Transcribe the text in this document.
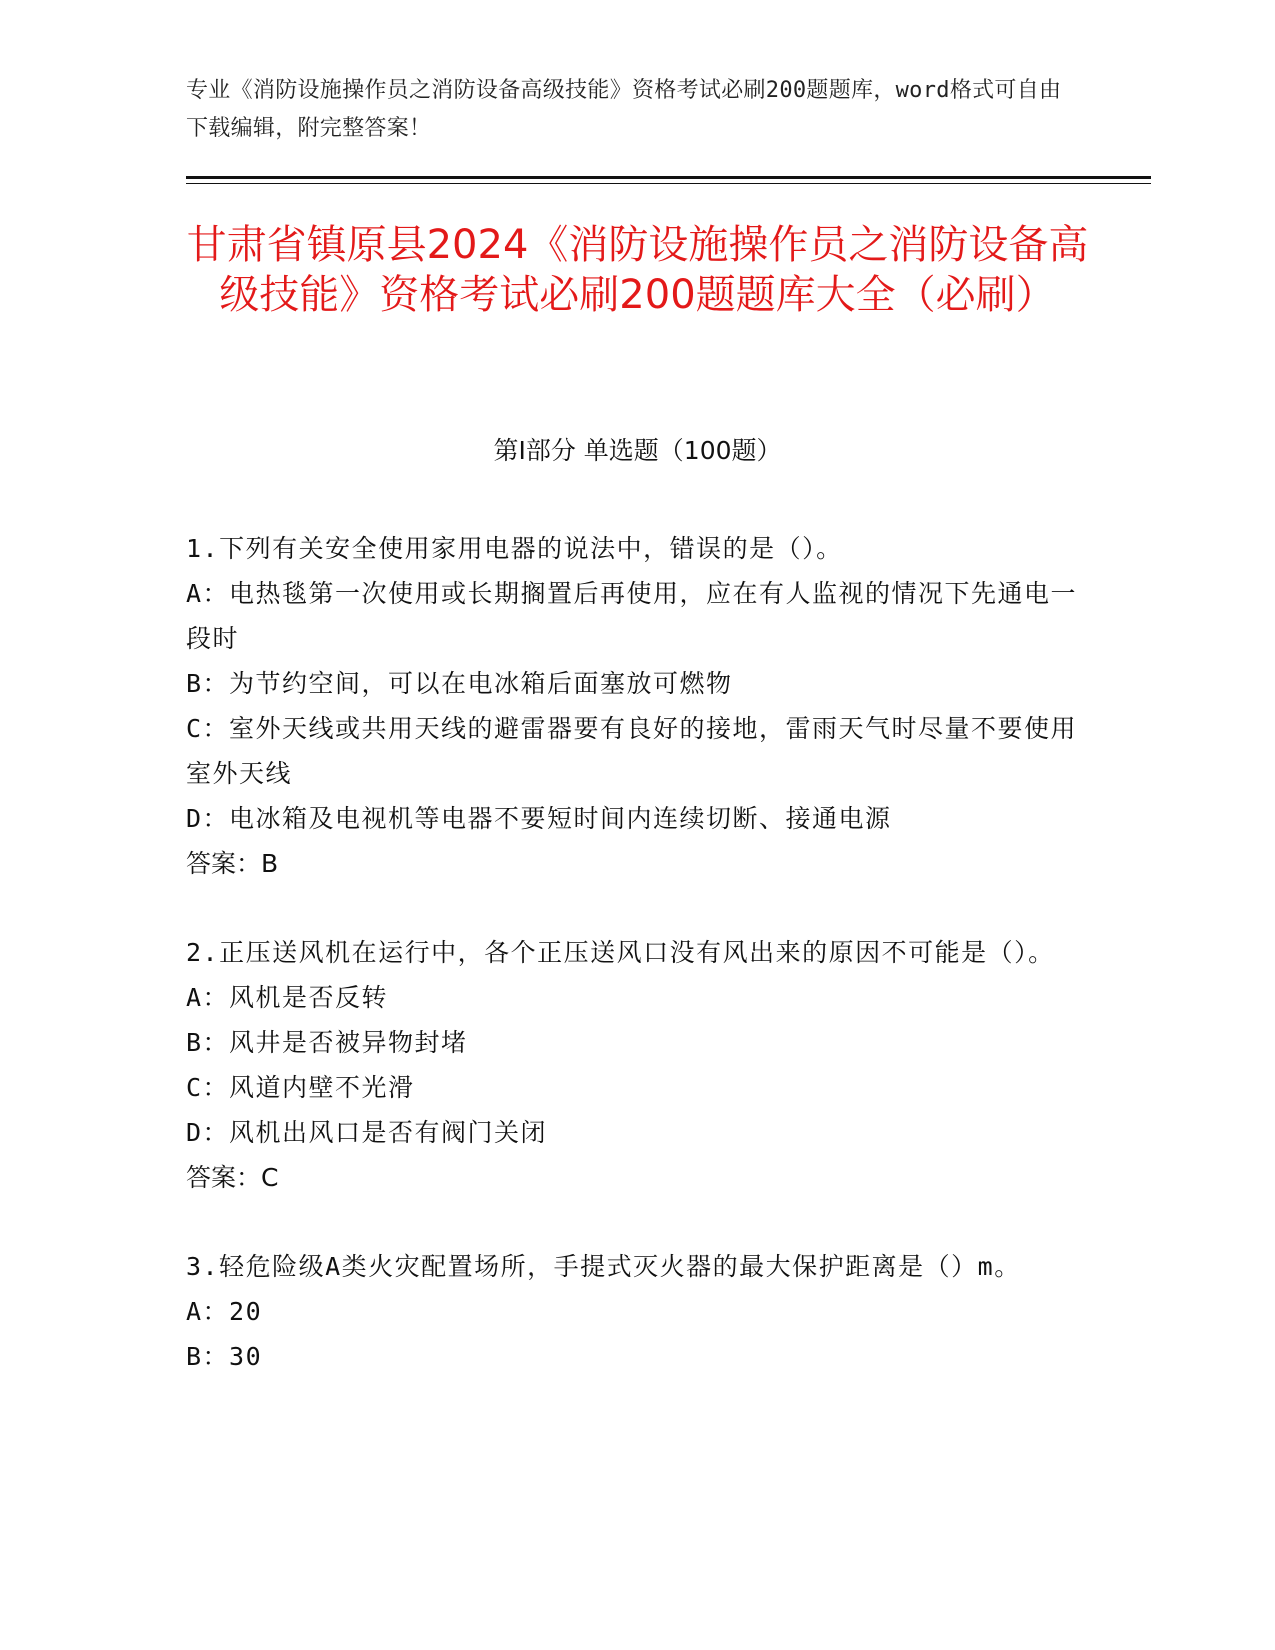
专业《消防设施操作员之消防设备高级技能》资格考试必刷200题题库，word格式可自由下载编辑，附完整答案！
甘肃省镇原县2024《消防设施操作员之消防设备高级技能》资格考试必刷200题题库大全（必刷）
第Ⅰ部分 单选题（100题）
1.下列有关安全使用家用电器的说法中，错误的是（）。
A：电热毯第一次使用或长期搁置后再使用，应在有人监视的情况下先通电一段时
B：为节约空间，可以在电冰箱后面塞放可燃物
C：室外天线或共用天线的避雷器要有良好的接地，雷雨天气时尽量不要使用室外天线
D：电冰箱及电视机等电器不要短时间内连续切断、接通电源
答案：B
2.正压送风机在运行中，各个正压送风口没有风出来的原因不可能是（）。
A：风机是否反转
B：风井是否被异物封堵
C：风道内壁不光滑
D：风机出风口是否有阀门关闭
答案：C
3.轻危险级A类火灾配置场所，手提式灭火器的最大保护距离是（）m。
A：20
B：30
